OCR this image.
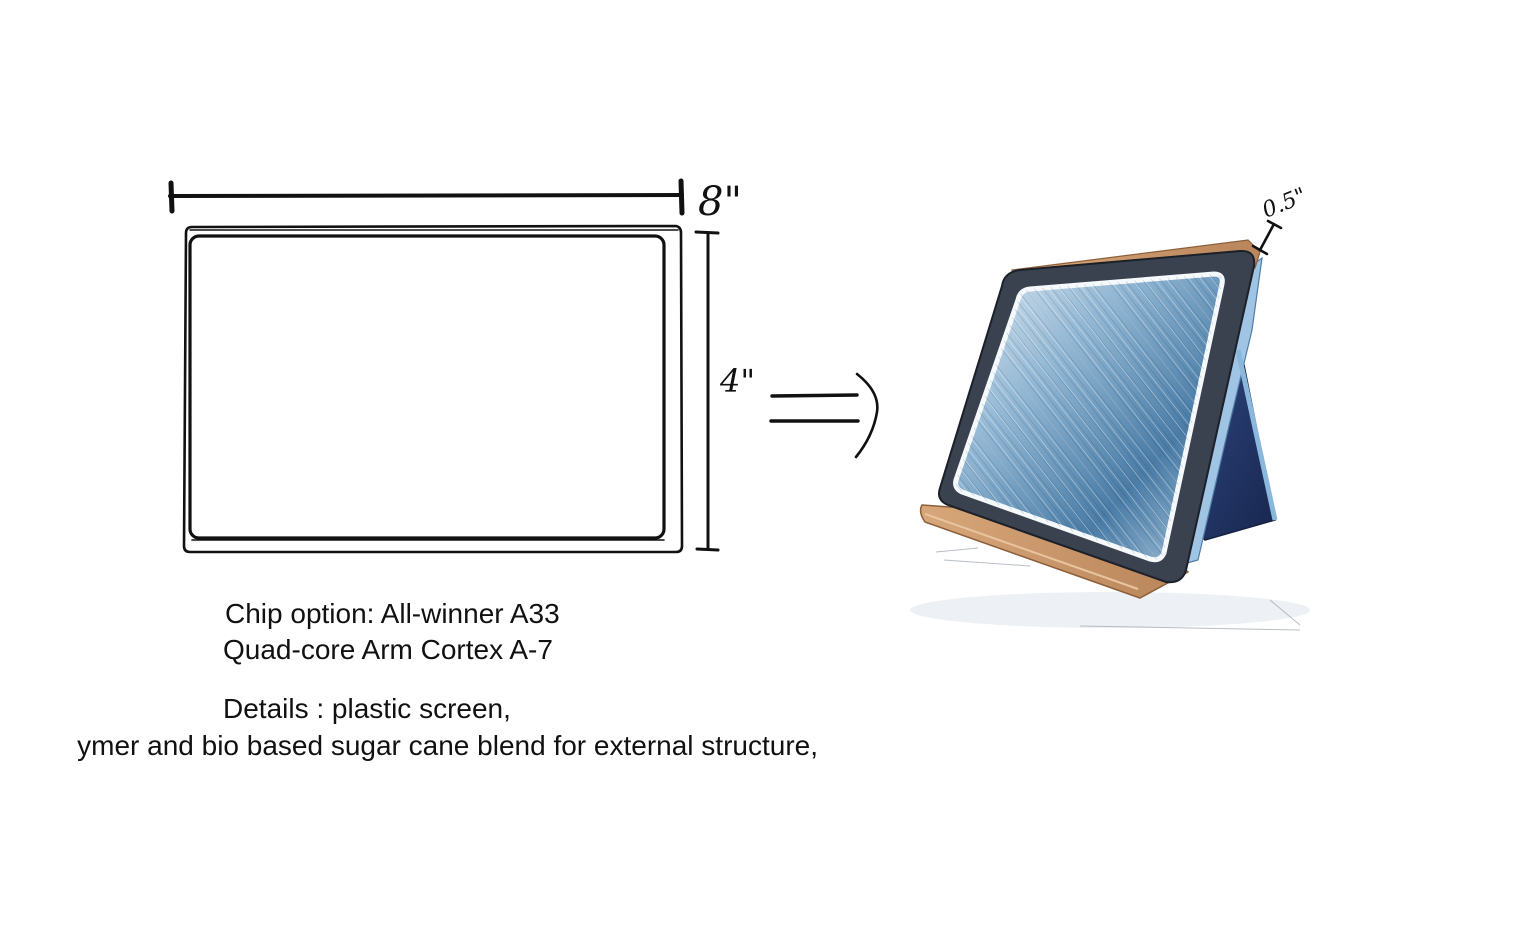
8"
4"
0.5"

Chip option: All-winner A33

Quad-core Arm Cortex A-7

Details : plastic screen,

ymer and bio based sugar cane blend for external structure,
